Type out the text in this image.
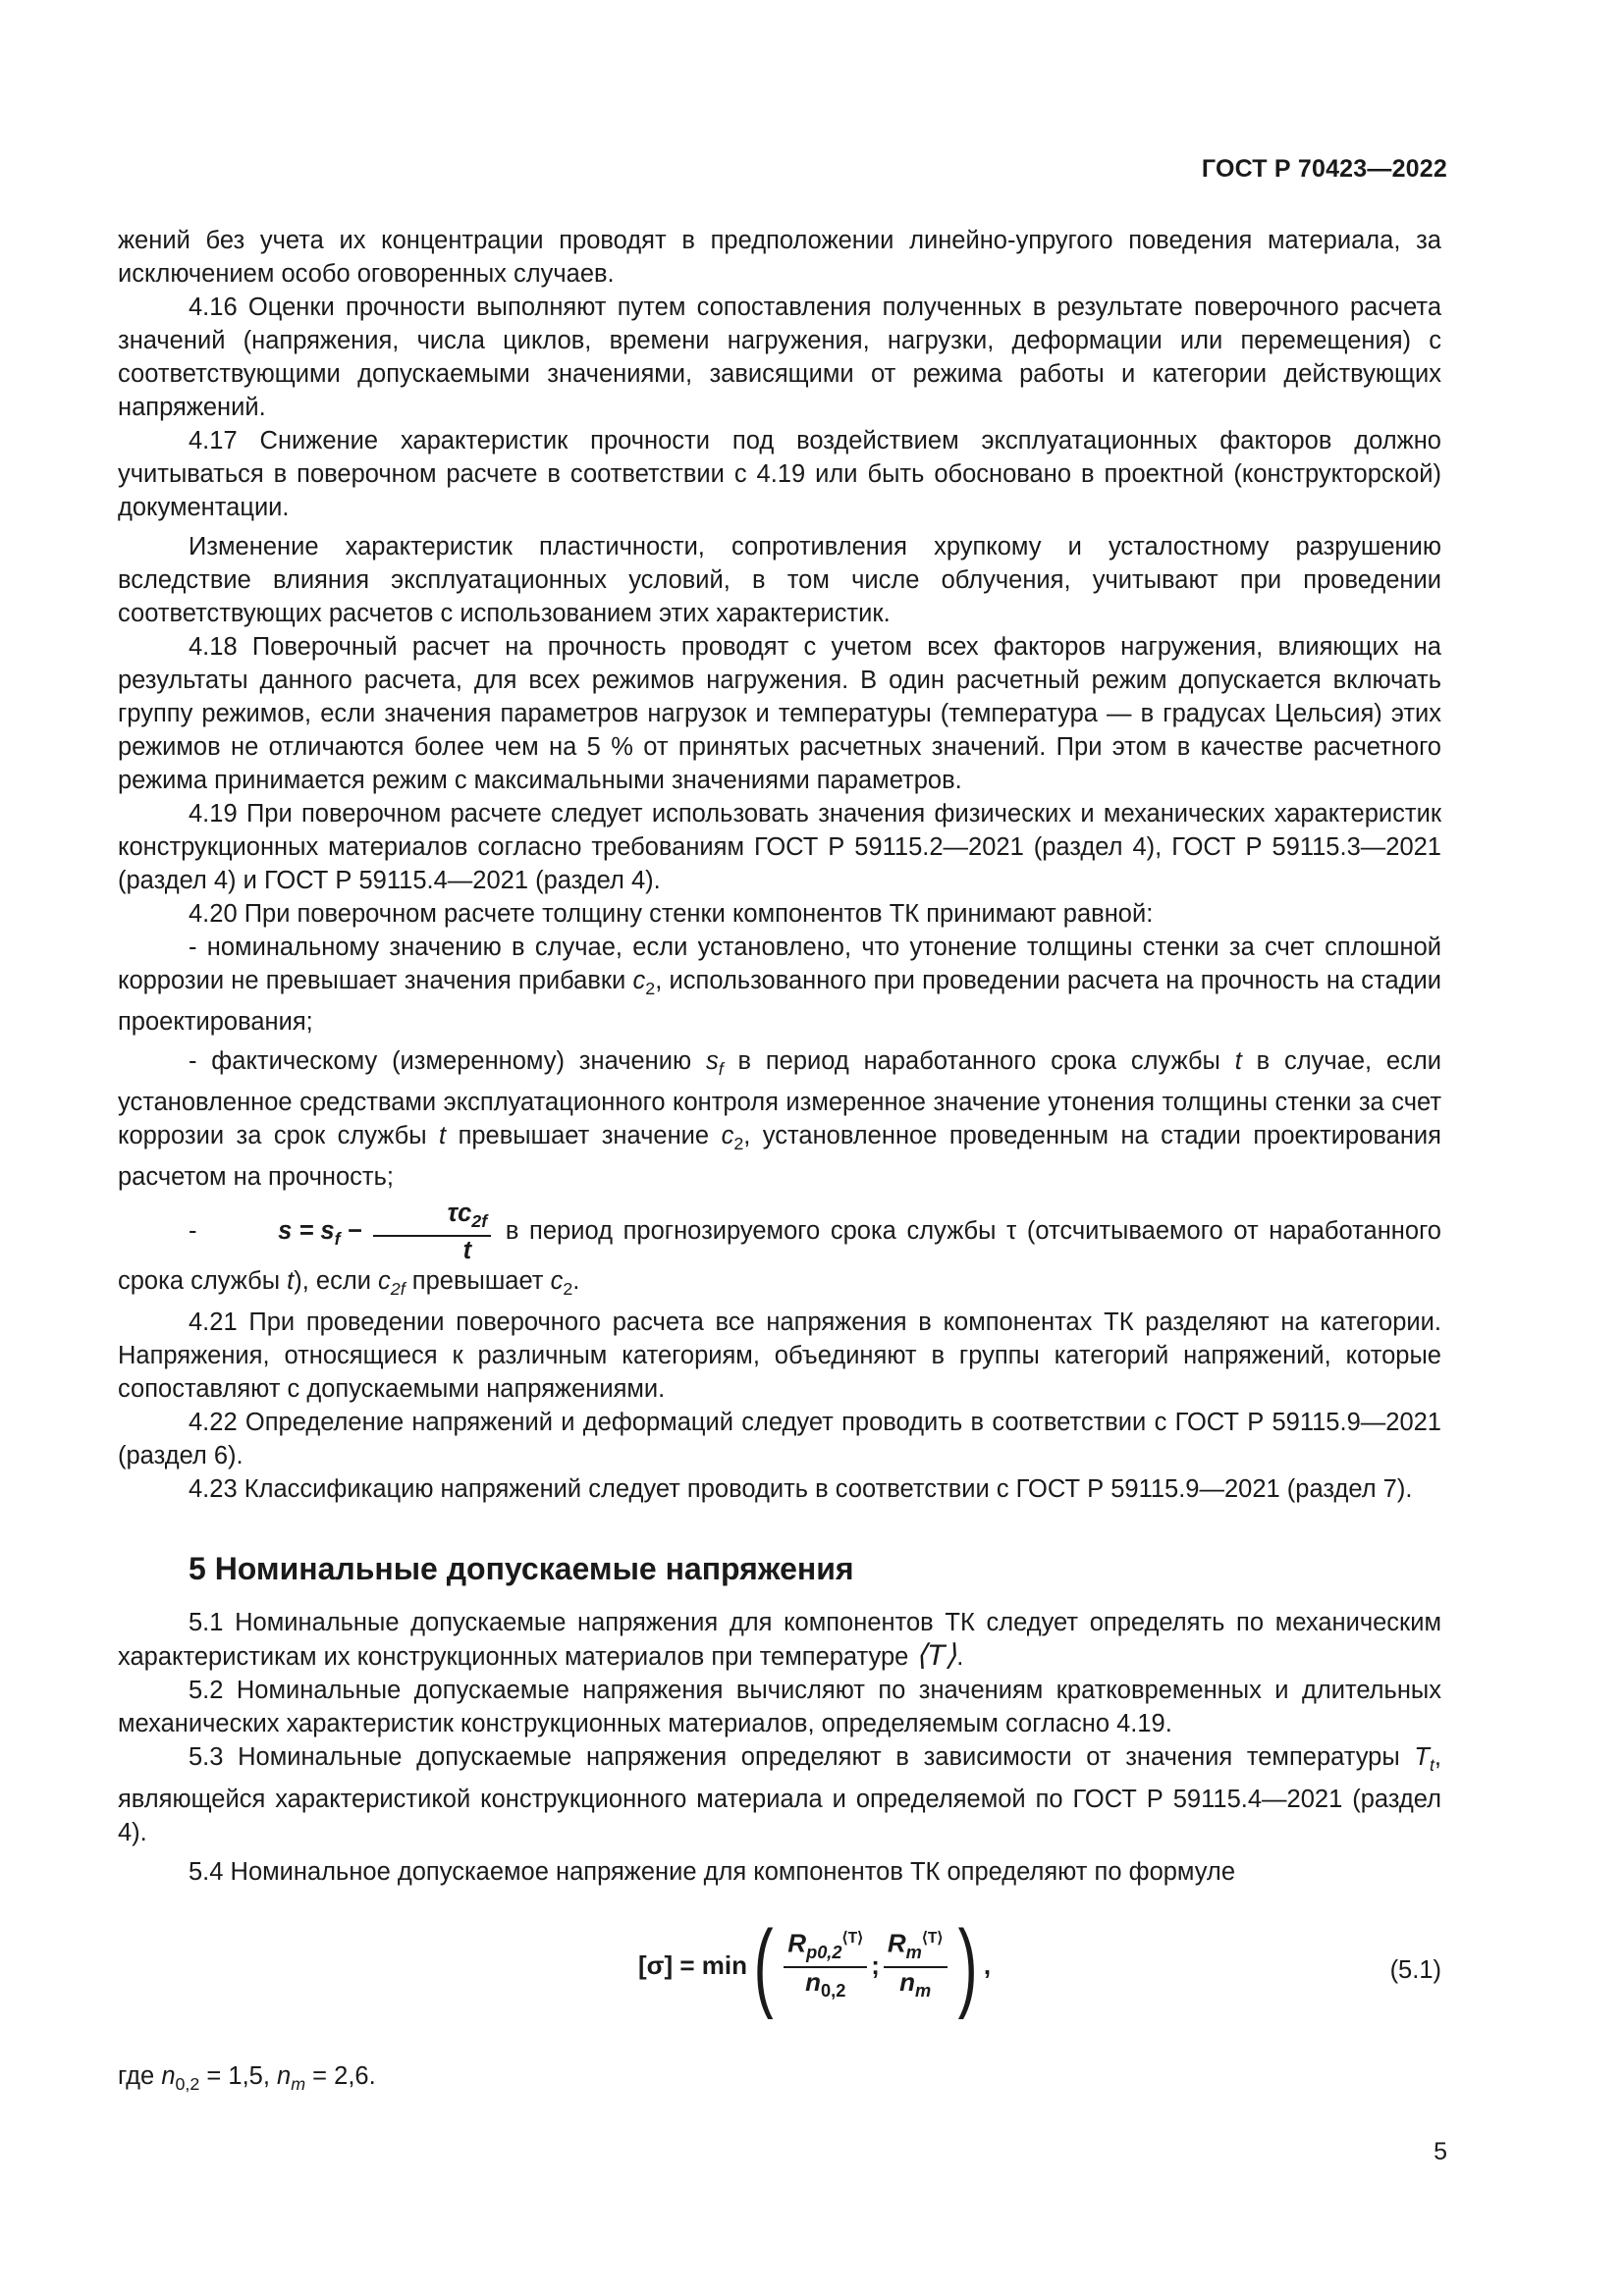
ГОСТ Р 70423—2022

жений без учета их концентрации проводят в предположении линейно-упругого поведения материала, за исключением особо оговоренных случаев.

4.16 Оценки прочности выполняют путем сопоставления полученных в результате поверочного расчета значений (напряжения, числа циклов, времени нагружения, нагрузки, деформации или перемещения) с соответствующими допускаемыми значениями, зависящими от режима работы и категории действующих напряжений.

4.17 Снижение характеристик прочности под воздействием эксплуатационных факторов должно учитываться в поверочном расчете в соответствии с 4.19 или быть обосновано в проектной (конструкторской) документации.

Изменение характеристик пластичности, сопротивления хрупкому и усталостному разрушению вследствие влияния эксплуатационных условий, в том числе облучения, учитывают при проведении соответствующих расчетов с использованием этих характеристик.

4.18 Поверочный расчет на прочность проводят с учетом всех факторов нагружения, влияющих на результаты данного расчета, для всех режимов нагружения. В один расчетный режим допускается включать группу режимов, если значения параметров нагрузок и температуры (температура — в градусах Цельсия) этих режимов не отличаются более чем на 5 % от принятых расчетных значений. При этом в качестве расчетного режима принимается режим с максимальными значениями параметров.

4.19 При поверочном расчете следует использовать значения физических и механических характеристик конструкционных материалов согласно требованиям ГОСТ Р 59115.2—2021 (раздел 4), ГОСТ Р 59115.3—2021 (раздел 4) и ГОСТ Р 59115.4—2021 (раздел 4).

4.20 При поверочном расчете толщину стенки компонентов ТК принимают равной:

- номинальному значению в случае, если установлено, что утонение толщины стенки за счет сплошной коррозии не превышает значения прибавки $c_2$, использованного при проведении расчета на прочность на стадии проектирования;

- фактическому (измеренному) значению $s_f$ в период наработанного срока службы t в случае, если установленное средствами эксплуатационного контроля измеренное значение утонения толщины стенки за счет коррозии за срок службы t превышает значение $c_2$, установленное проведенным на стадии проектирования расчетом на прочность;

-	$s = s_f - \frac{\tau c_{2f}}{t}$ в период прогнозируемого срока службы τ (отсчитываемого от наработанного срока службы t), если $c_{2f}$ превышает $c_2$.

4.21 При проведении поверочного расчета все напряжения в компонентах ТК разделяют на категории. Напряжения, относящиеся к различным категориям, объединяют в группы категорий напряжений, которые сопоставляют с допускаемыми напряжениями.

4.22 Определение напряжений и деформаций следует проводить в соответствии с ГОСТ Р 59115.9—2021 (раздел 6).

4.23 Классификацию напряжений следует проводить в соответствии с ГОСТ Р 59115.9—2021 (раздел 7).

5 Номинальные допускаемые напряжения

5.1 Номинальные допускаемые напряжения для компонентов ТК следует определять по механическим характеристикам их конструкционных материалов при температуре ⟨T⟩.

5.2 Номинальные допускаемые напряжения вычисляют по значениям кратковременных и длительных механических характеристик конструкционных материалов, определяемым согласно 4.19.

5.3 Номинальные допускаемые напряжения определяют в зависимости от значения температуры $T_t$, являющейся характеристикой конструкционного материала и определяемой по ГОСТ Р 59115.4—2021 (раздел 4).

5.4 Номинальное допускаемое напряжение для компонентов ТК определяют по формуле

[σ] = min ( $\frac{R_{p0,2}^{⟨T⟩}}{n_{0,2}}$ ; $\frac{R_m^{⟨T⟩}}{n_m}$ ) ,	(5.1)

где $n_{0,2} = 1,5$, $n_m = 2,6$.

5
